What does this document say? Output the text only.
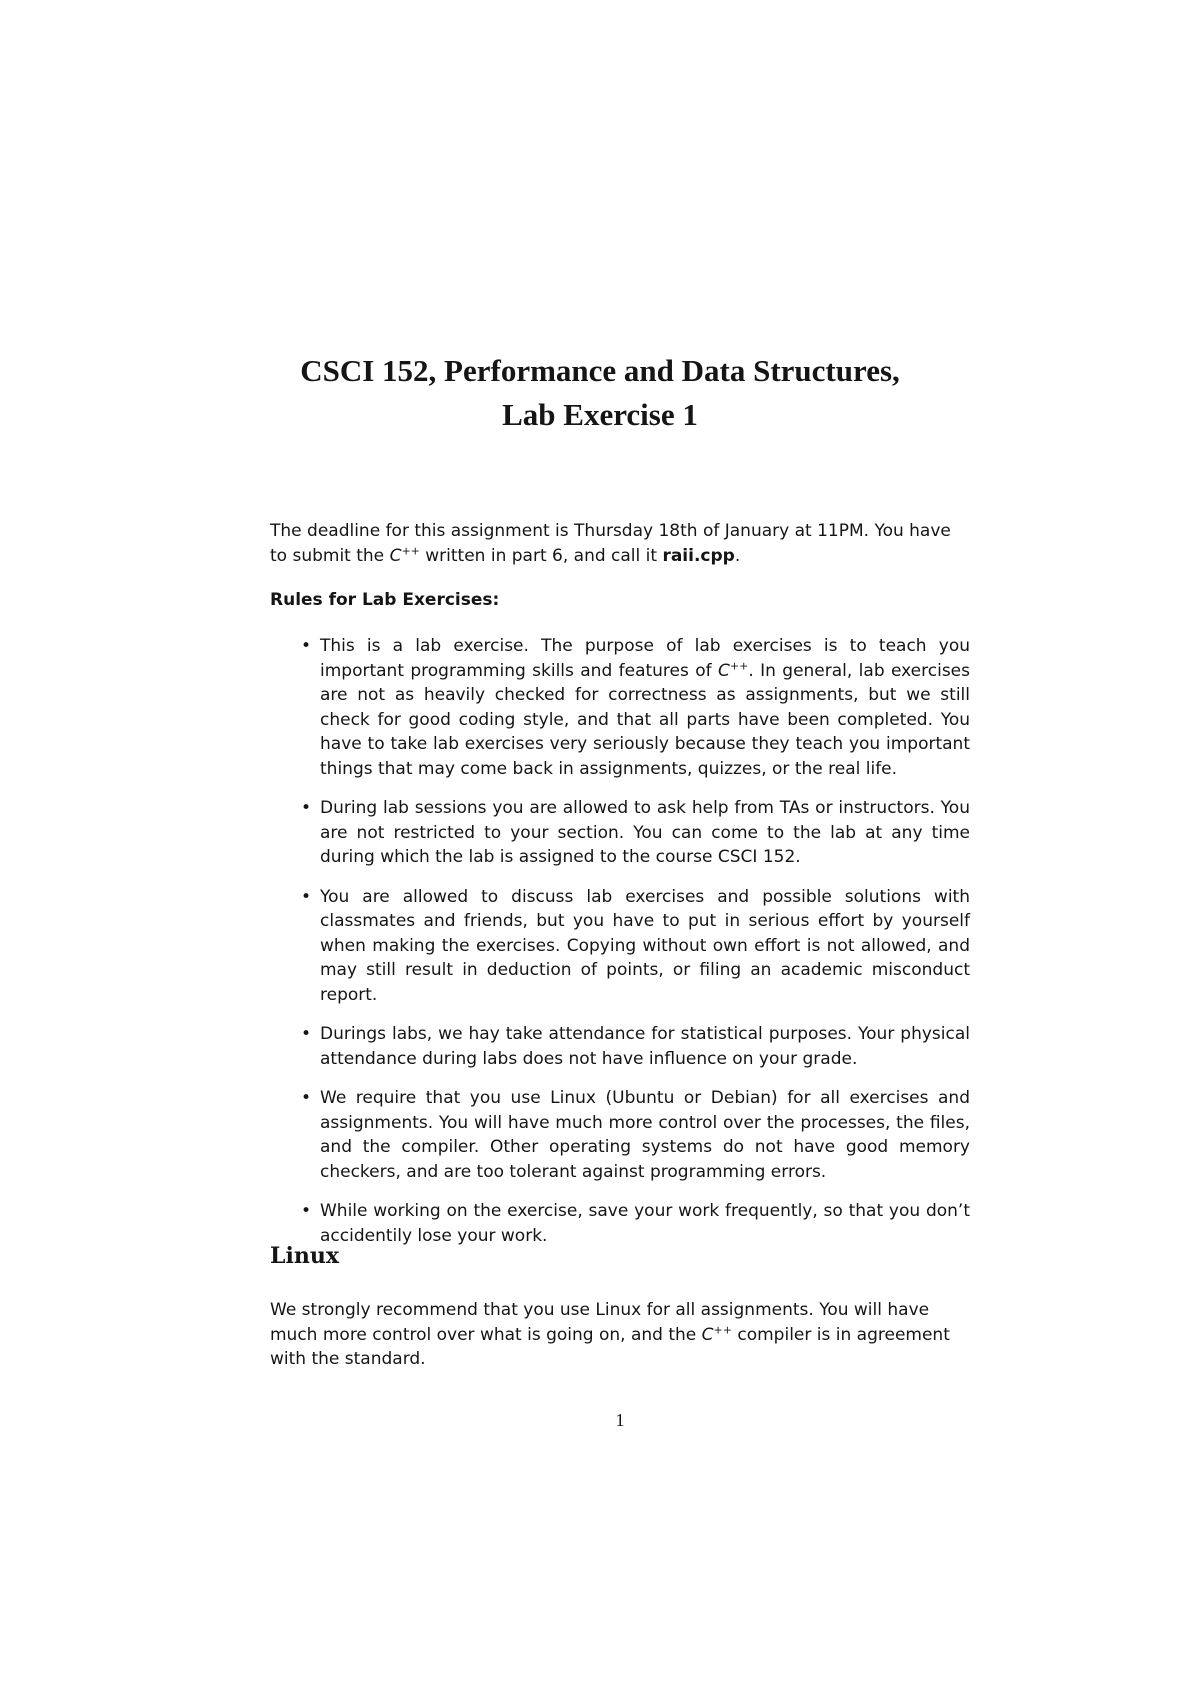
CSCI 152, Performance and Data Structures,
Lab Exercise 1

The deadline for this assignment is Thursday 18th of January at 11PM. You have to submit the C++ written in part 6, and call it raii.cpp.

Rules for Lab Exercises:
• This is a lab exercise. The purpose of lab exercises is to teach you important programming skills and features of C++. In general, lab exercises are not as heavily checked for correctness as assignments, but we still check for good coding style, and that all parts have been completed. You have to take lab exercises very seriously because they teach you important things that may come back in assignments, quizzes, or the real life.
• During lab sessions you are allowed to ask help from TAs or instructors. You are not restricted to your section. You can come to the lab at any time during which the lab is assigned to the course CSCI 152.
• You are allowed to discuss lab exercises and possible solutions with classmates and friends, but you have to put in serious effort by yourself when making the exercises. Copying without own effort is not allowed, and may still result in deduction of points, or filing an academic misconduct report.
• Durings labs, we hay take attendance for statistical purposes. Your physical attendance during labs does not have influence on your grade.
• We require that you use Linux (Ubuntu or Debian) for all exercises and assignments. You will have much more control over the processes, the files, and the compiler. Other operating systems do not have good memory checkers, and are too tolerant against programming errors.
• While working on the exercise, save your work frequently, so that you don’t accidentily lose your work.
Linux

We strongly recommend that you use Linux for all assignments. You will have much more control over what is going on, and the C++ compiler is in agreement with the standard.

1
